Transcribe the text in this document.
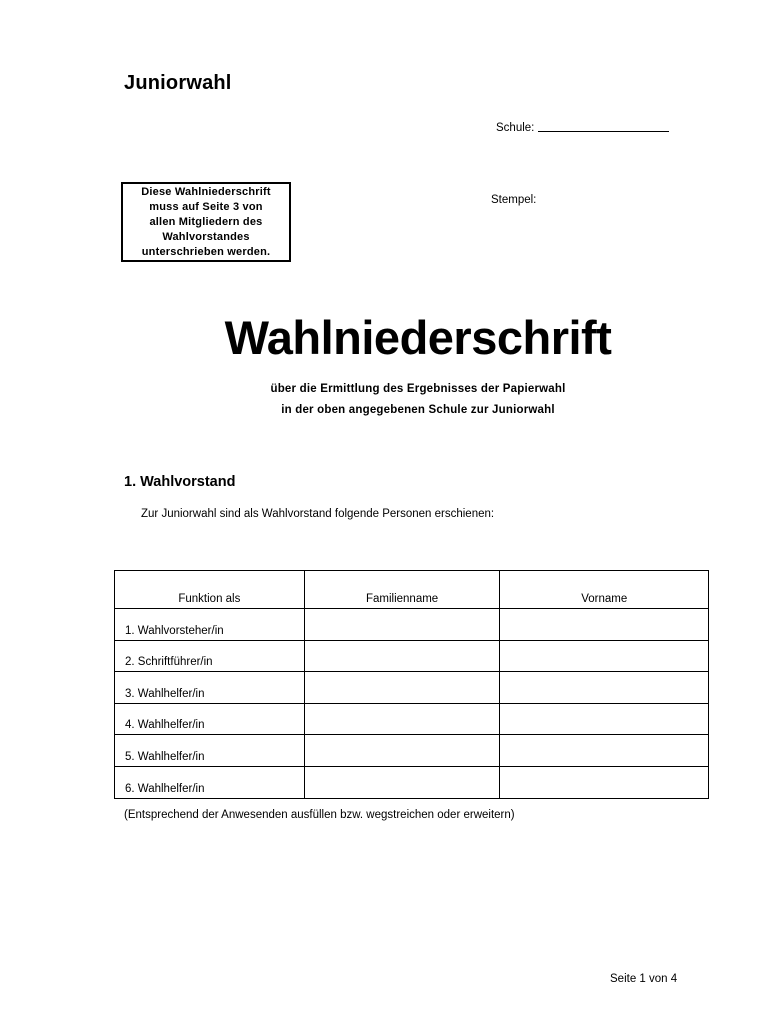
Juniorwahl
Schule:
Diese Wahlniederschrift
muss auf Seite 3 von
allen Mitgliedern des
Wahlvorstandes
unterschrieben werden.
Stempel:
Wahlniederschrift
über die Ermittlung des Ergebnisses der Papierwahl
in der oben angegebenen Schule zur Juniorwahl
1. Wahlvorstand
Zur Juniorwahl sind als Wahlvorstand folgende Personen erschienen:
Funktion als	Familienname	Vorname
1. Wahlvorsteher/in		
2. Schriftführer/in		
3. Wahlhelfer/in		
4. Wahlhelfer/in		
5. Wahlhelfer/in		
6. Wahlhelfer/in		
(Entsprechend der Anwesenden ausfüllen bzw. wegstreichen oder erweitern)
Seite 1 von 4
